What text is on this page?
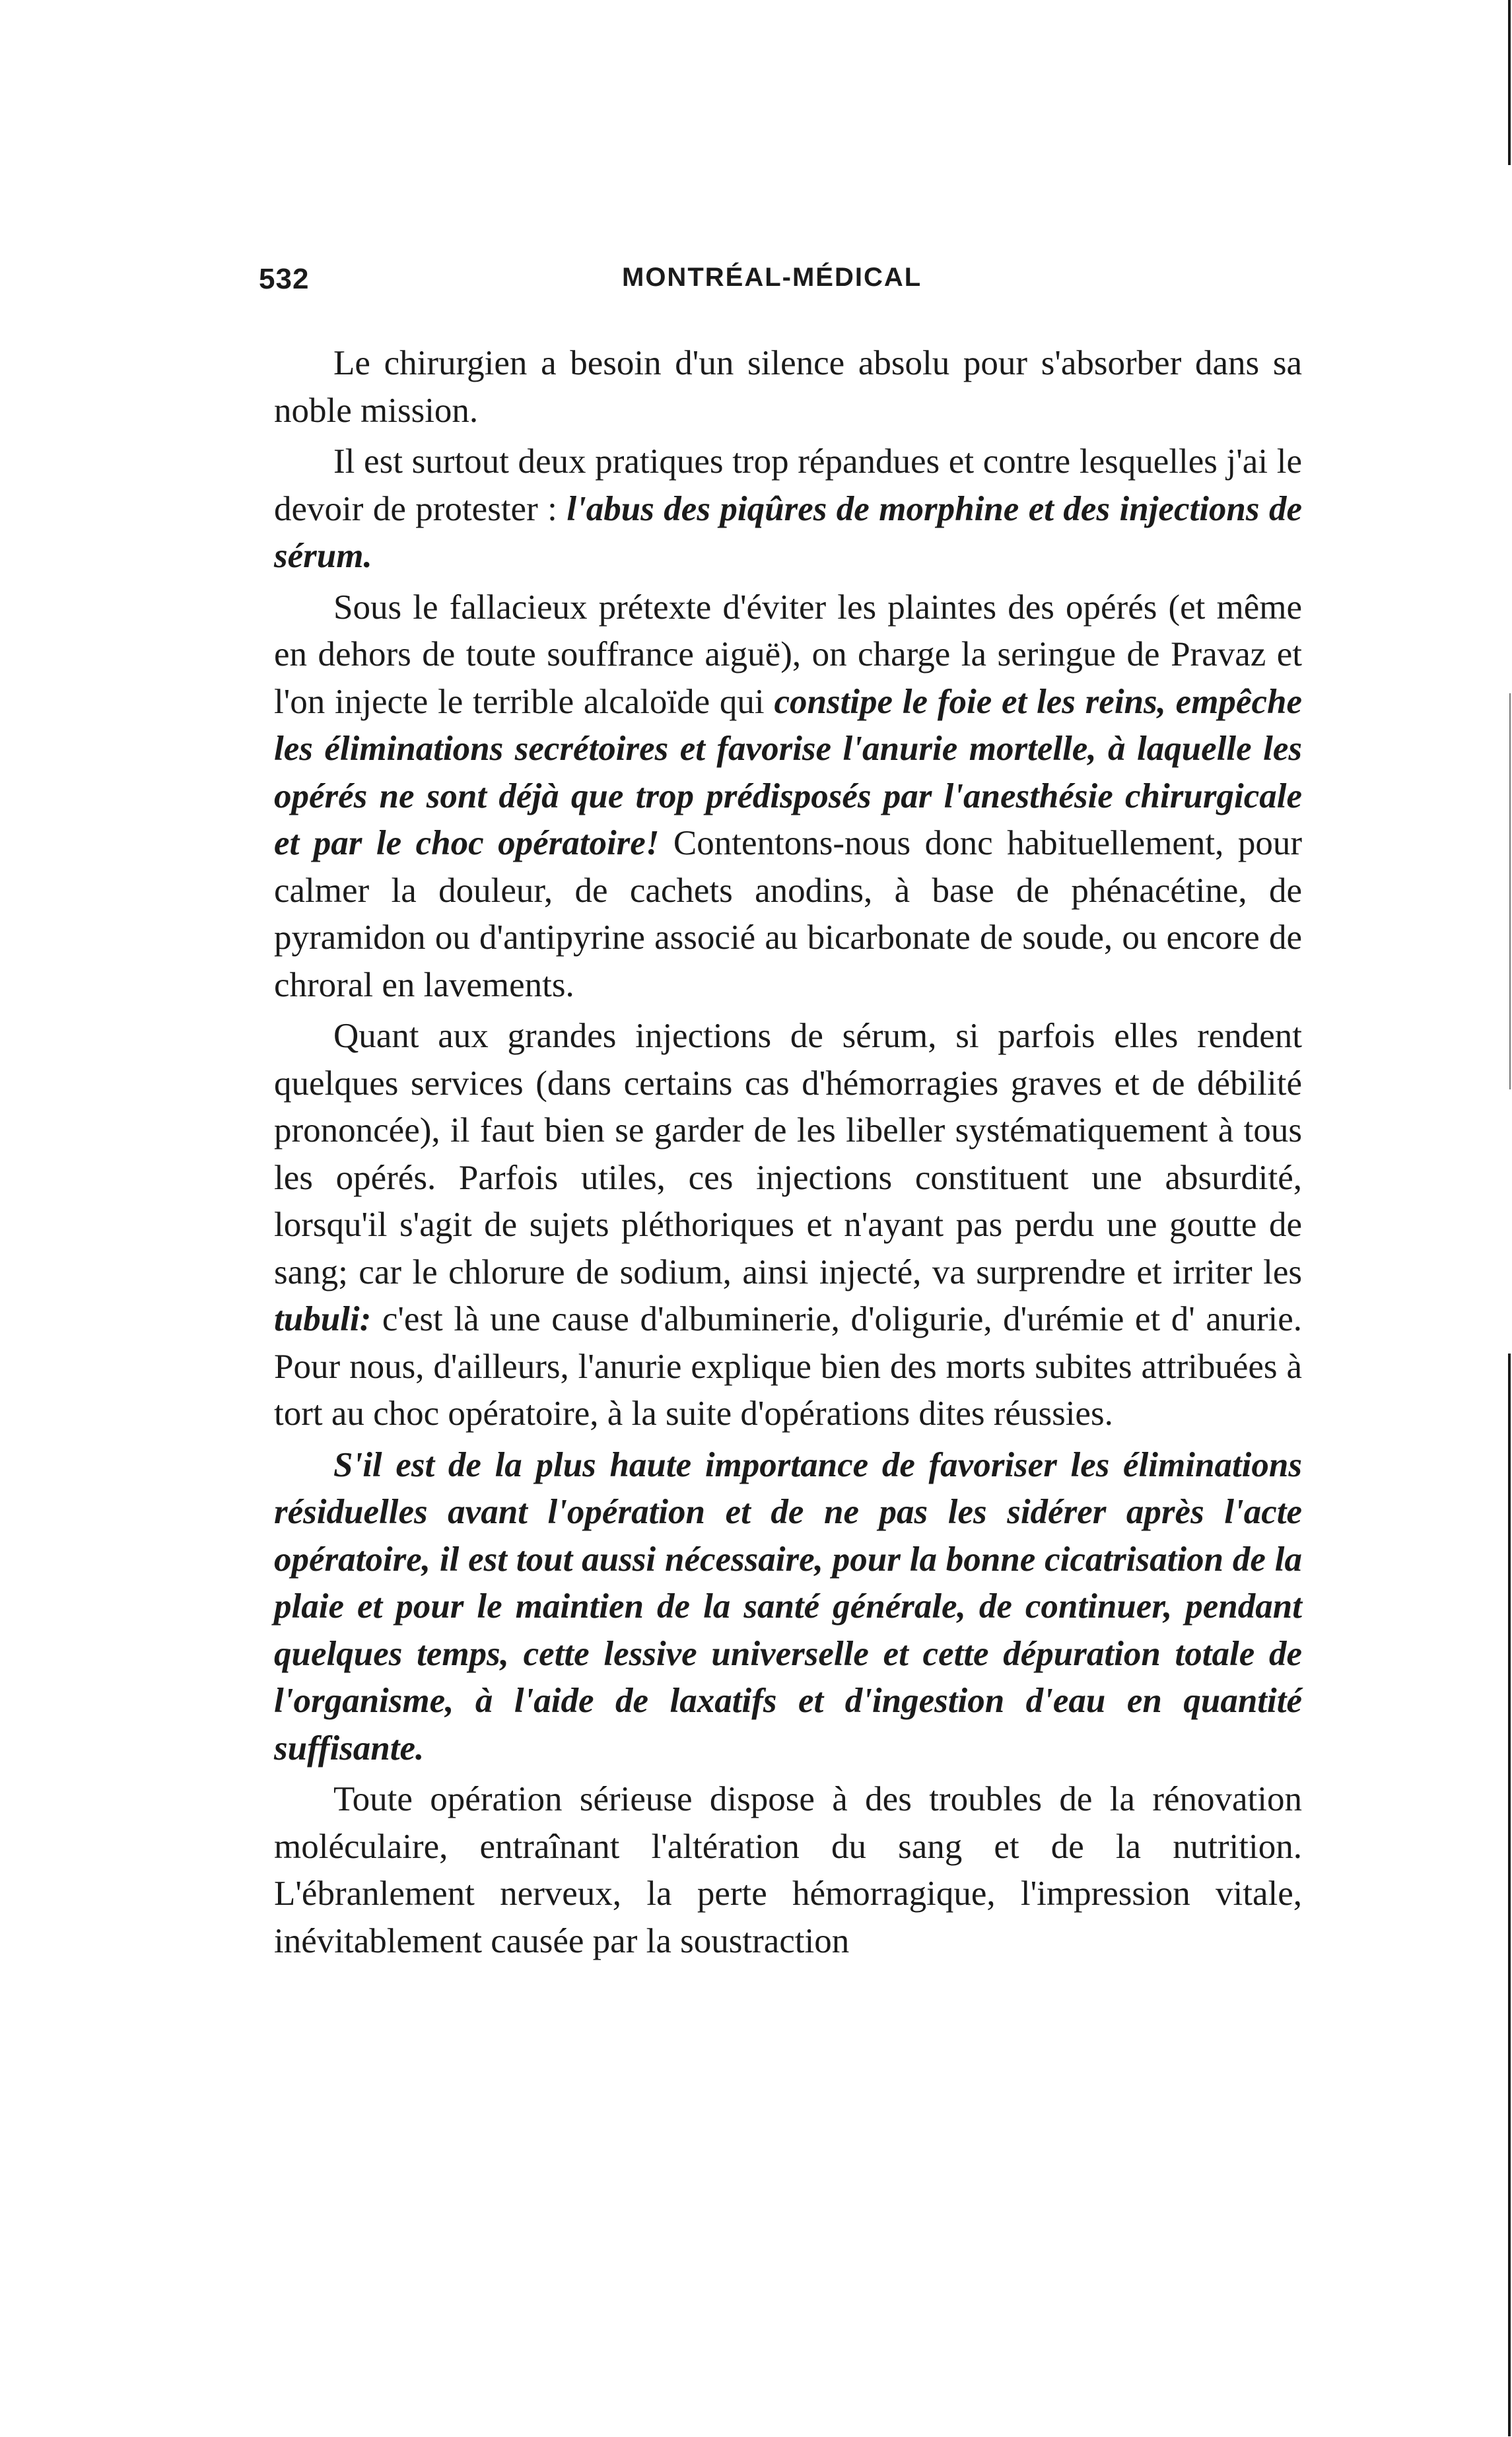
532	MONTRÉAL-MÉDICAL

Le chirurgien a besoin d'un silence absolu pour s'absorber dans sa noble mission.

Il est surtout deux pratiques trop répandues et contre lesquelles j'ai le devoir de protester : l'abus des piqûres de morphine et des injections de sérum.

Sous le fallacieux prétexte d'éviter les plaintes des opérés (et même en dehors de toute souffrance aiguë), on charge la seringue de Pravaz et l'on injecte le terrible alcaloïde qui constipe le foie et les reins, empêche les éliminations secrétoires et favorise l'anurie mortelle, à laquelle les opérés ne sont déjà que trop prédisposés par l'anesthésie chirurgicale et par le choc opératoire! Contentons-nous donc habituellement, pour calmer la douleur, de cachets anodins, à base de phénacétine, de pyramidon ou d'antipyrine associé au bicarbonate de soude, ou encore de chroral en lavements.

Quant aux grandes injections de sérum, si parfois elles rendent quelques services (dans certains cas d'hémorragies graves et de débilité prononcée), il faut bien se garder de les libeller systématiquement à tous les opérés. Parfois utiles, ces injections constituent une absurdité, lorsqu'il s'agit de sujets pléthoriques et n'ayant pas perdu une goutte de sang; car le chlorure de sodium, ainsi injecté, va surprendre et irriter les tubuli: c'est là une cause d'albuminerie, d'oligurie, d'urémie et d' anurie. Pour nous, d'ailleurs, l'anurie explique bien des morts subites attribuées à tort au choc opératoire, à la suite d'opérations dites réussies.

S'il est de la plus haute importance de favoriser les éliminations résiduelles avant l'opération et de ne pas les sidérer après l'acte opératoire, il est tout aussi nécessaire, pour la bonne cicatrisation de la plaie et pour le maintien de la santé générale, de continuer, pendant quelques temps, cette lessive universelle et cette dépuration totale de l'organisme, à l'aide de laxatifs et d'ingestion d'eau en quantité suffisante.

Toute opération sérieuse dispose à des troubles de la rénovation moléculaire, entraînant l'altération du sang et de la nutrition. L'ébranlement nerveux, la perte hémorragique, l'impression vitale, inévitablement causée par la soustraction
